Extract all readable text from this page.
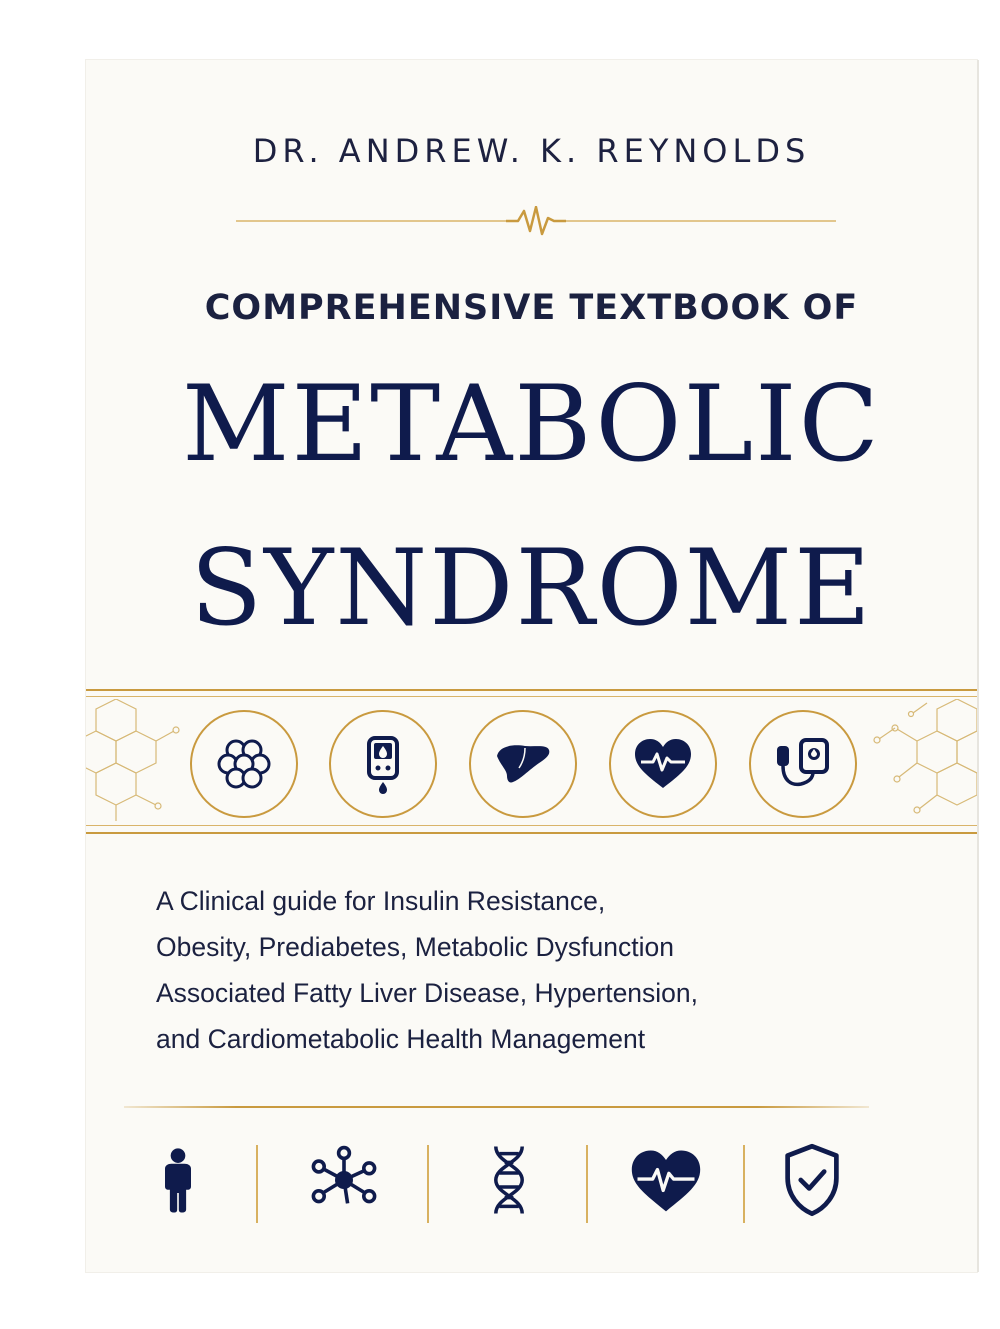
DR. ANDREW. K. REYNOLDS
COMPREHENSIVE TEXTBOOK OF
METABOLIC
SYNDROME
A Clinical guide for Insulin Resistance,
Obesity, Prediabetes, Metabolic Dysfunction
Associated Fatty Liver Disease, Hypertension,
and Cardiometabolic Health Management
